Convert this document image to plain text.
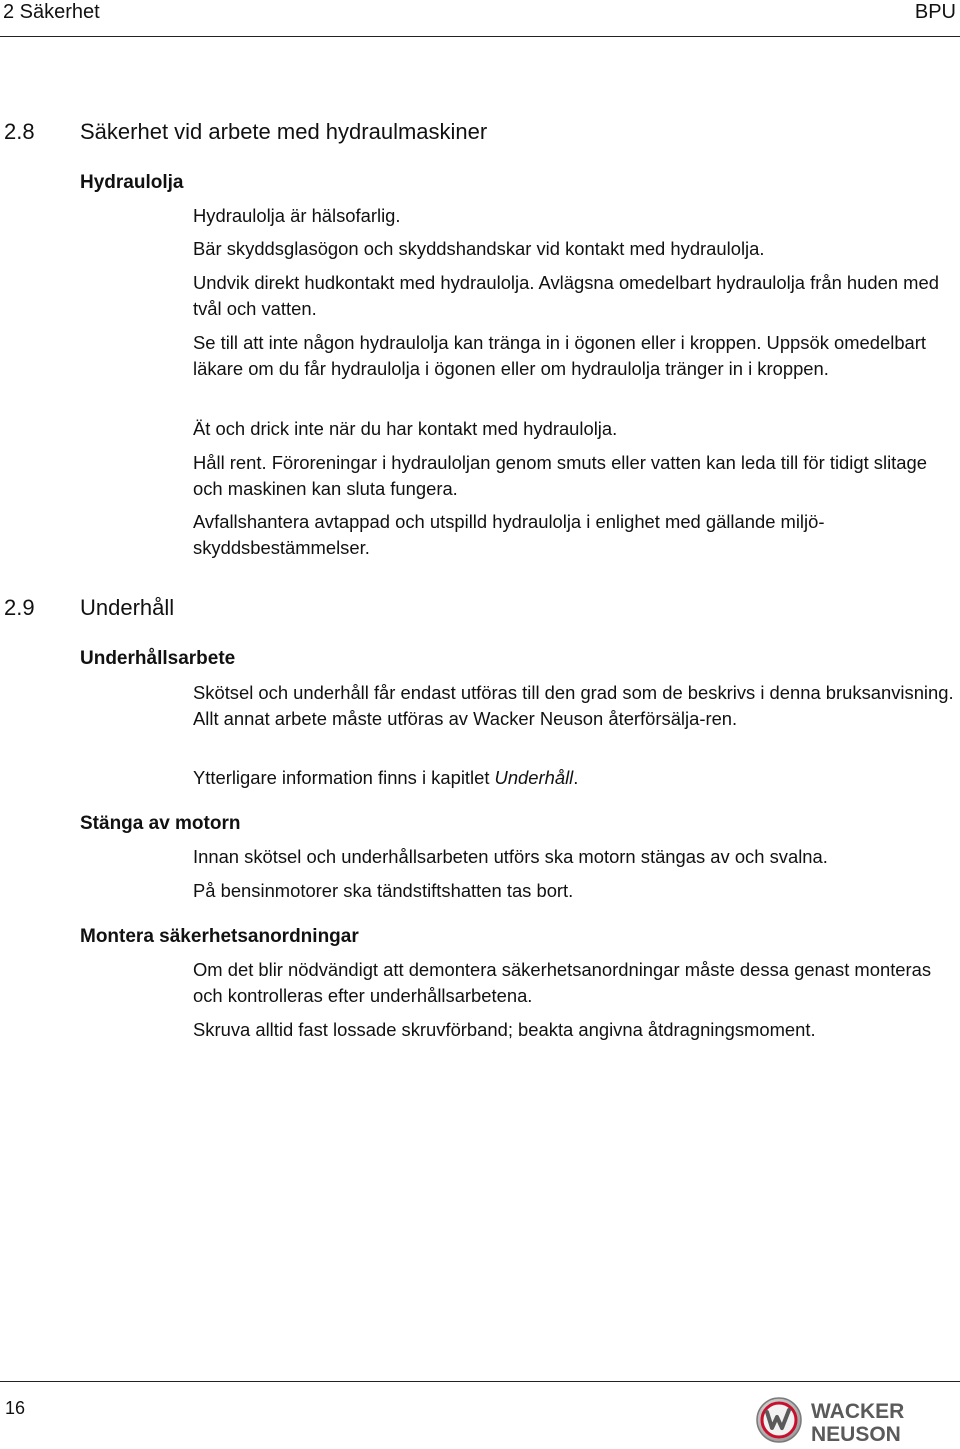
2 Säkerhet	BPU
2.8 Säkerhet vid arbete med hydraulmaskiner
Hydraulolja
Hydraulolja är hälsofarlig.
Bär skyddsglasögon och skyddshandskar vid kontakt med hydraulolja.
Undvik direkt hudkontakt med hydraulolja. Avlägsna omedelbart hydraulolja från huden med tvål och vatten.
Se till att inte någon hydraulolja kan tränga in i ögonen eller i kroppen. Uppsök omedelbart läkare om du får hydraulolja i ögonen eller om hydraulolja tränger in i kroppen.
Ät och drick inte när du har kontakt med hydraulolja.
Håll rent. Föroreningar i hydrauloljan genom smuts eller vatten kan leda till för tidigt slitage och maskinen kan sluta fungera.
Avfallshantera avtappad och utspilld hydraulolja i enlighet med gällande miljö-skyddsbestämmelser.
2.9 Underhåll
Underhållsarbete
Skötsel och underhåll får endast utföras till den grad som de beskrivs i denna bruksanvisning. Allt annat arbete måste utföras av Wacker Neuson återförsälja-ren.
Ytterligare information finns i kapitlet Underhåll.
Stänga av motorn
Innan skötsel och underhållsarbeten utförs ska motorn stängas av och svalna.
På bensinmotorer ska tändstiftshatten tas bort.
Montera säkerhetsanordningar
Om det blir nödvändigt att demontera säkerhetsanordningar måste dessa genast monteras och kontrolleras efter underhållsarbetena.
Skruva alltid fast lossade skruvförband; beakta angivna åtdragningsmoment.
16	WACKER
NEUSON
